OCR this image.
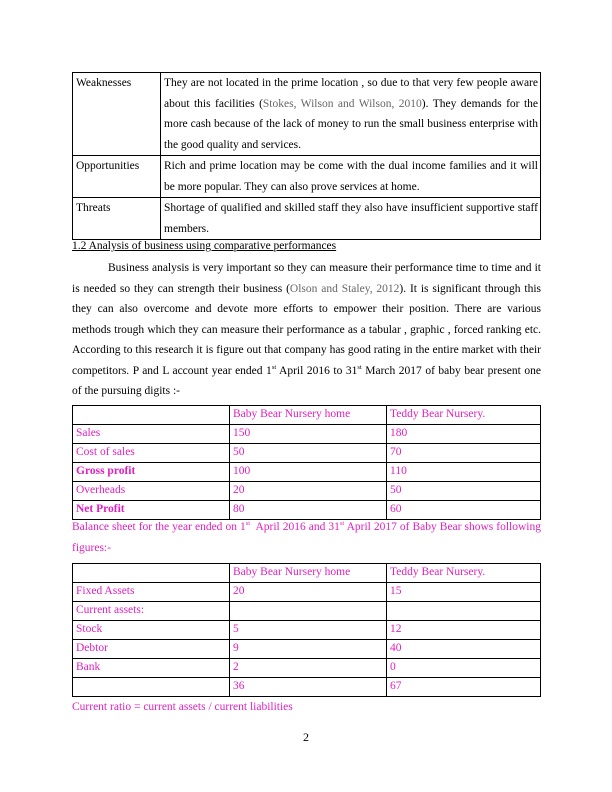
Weaknesses	They are not located in the prime location , so due to that very few people aware about this facilities (Stokes, Wilson and Wilson, 2010). They demands for the more cash because of the lack of money to run the small business enterprise with the good quality and services.
Opportunities	Rich and prime location may be come with the dual income families and it will be more popular. They can also prove services at home.
Threats	Shortage of qualified and skilled staff they also have insufficient supportive staff members.

1.2 Analysis of business using comparative performances

Business analysis is very important so they can measure their performance time to time and it is needed so they can strength their business (Olson and Staley, 2012). It is significant through this they can also overcome and devote more efforts to empower their position. There are various methods trough which they can measure their performance as a tabular , graphic , forced ranking etc. According to this research it is figure out that company has good rating in the entire market with their competitors. P and L account year ended 1st April 2016 to 31st March 2017 of baby bear present one of the pursuing digits :-

	Baby Bear Nursery home	Teddy Bear Nursery.
Sales	150	180
Cost of sales	50	70
Gross profit	100	110
Overheads	20	50
Net Profit	80	60

Balance sheet for the year ended on 1st  April 2016 and 31st April 2017 of Baby Bear shows following figures:-

	Baby Bear Nursery home	Teddy Bear Nursery.
Fixed Assets	20	15
Current assets:		
Stock	5	12
Debtor	9	40
Bank	2	0
	36	67

Current ratio = current assets / current liabilities

2
